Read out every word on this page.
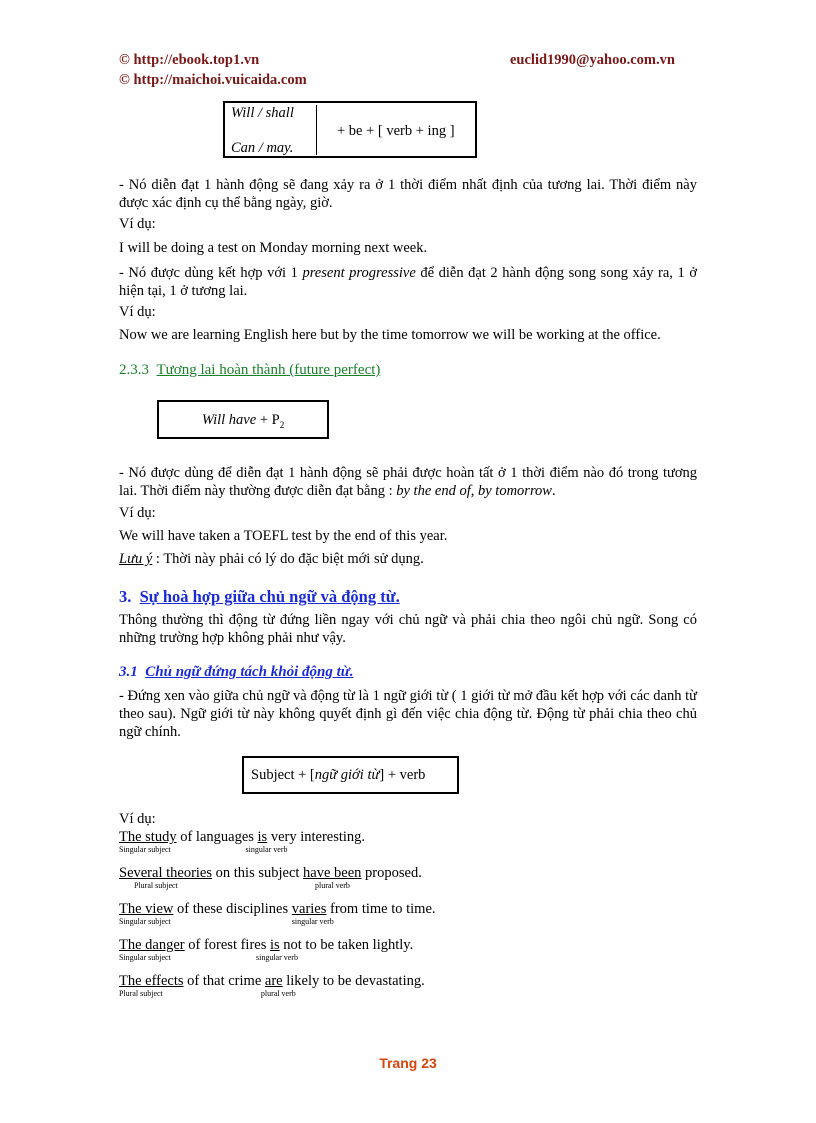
© http://ebook.top1.vn
© http://maichoi.vuicaida.com
euclid1990@yahoo.com.vn
Will / shall
Can / may.
+ be + [ verb + ing ]

- Nó diễn đạt 1 hành động sẽ đang xảy ra ở 1 thời điểm nhất định của tương lai. Thời điểm này được xác định cụ thể bằng ngày, giờ.

Ví dụ:
I will be doing a test on Monday morning next week.

- Nó được dùng kết hợp với 1 present progressive để diễn đạt 2 hành động song song xảy ra, 1 ở hiện tại, 1 ở tương lai.

Ví dụ:
Now we are learning English here but by the time tomorrow we will be working at the office.
2.3.3 Tương lai hoàn thành (future perfect)
Will have + $P_2$

- Nó được dùng để diễn đạt 1 hành động sẽ phải được hoàn tất ở 1 thời điểm nào đó trong tương lai. Thời điểm này thường được diễn đạt bằng : by the end of, by tomorrow.

Ví dụ:
We will have taken a TOEFL test by the end of this year.
Lưu ý : Thời này phải có lý do đặc biệt mới sử dụng.
3. Sự hoà hợp giữa chủ ngữ và động từ.

Thông thường thì động từ đứng liền ngay với chủ ngữ và phải chia theo ngôi chủ ngữ. Song có những trường hợp không phải như vậy.

3.1 Chủ ngữ đứng tách khỏi động từ.

- Đứng xen vào giữa chủ ngữ và động từ là 1 ngữ giới từ ( 1 giới từ mở đầu kết hợp với các danh từ theo sau). Ngữ giới từ này không quyết định gì đến việc chia động từ. Động từ phải chia theo chủ ngữ chính.

Subject + [ngữ giới từ] + verb
Ví dụ:
The study
Singular subject
of languages is
singular verb
very interesting.
Several theories
Plural subject
on this subject have been
plural verb
proposed.
The view
Singular subject
of these disciplines varies
singular verb
from time to time.
The danger
Singular subject
of forest fires is
singular verb
not to be taken lightly.
The effects
Plural subject
of that crime are
plural verb
likely to be devastating.
Trang 23
